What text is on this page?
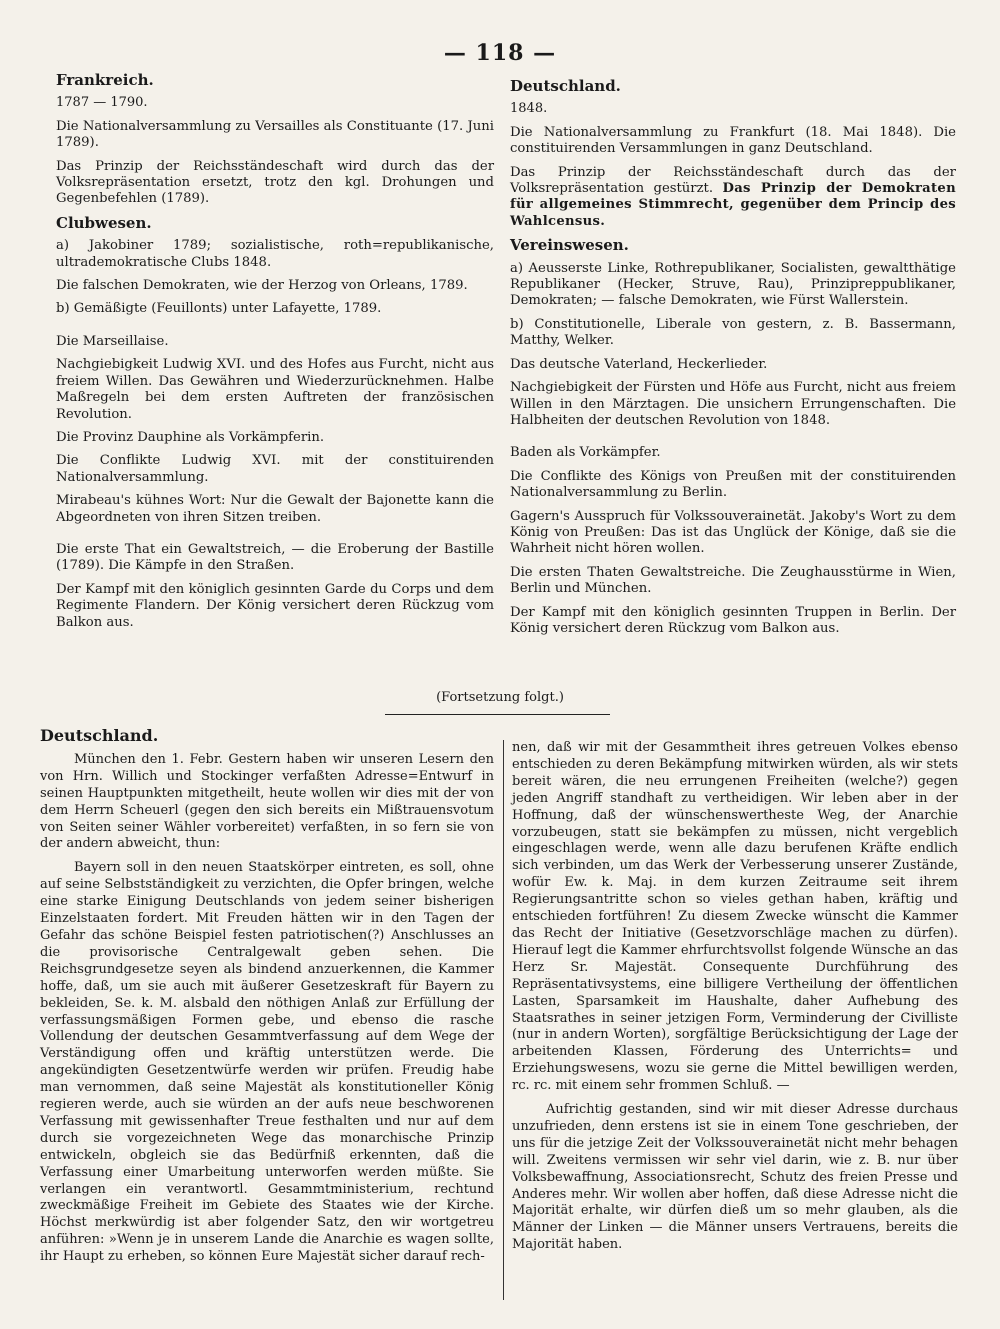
— 118 —

Frankreich.

1787 — 1790.

Die Nationalversammlung zu Versailles als Constituante (17. Juni 1789).

Das Prinzip der Reichsständeschaft wird durch das der Volksrepräsentation ersetzt, trotz den kgl. Drohungen und Gegenbefehlen (1789).

Clubwesen.

a) Jakobiner 1789; sozialistische, roth=republikanische, ultrademokratische Clubs 1848.

Die falschen Demokraten, wie der Herzog von Orleans, 1789.

b) Gemäßigte (Feuillonts) unter Lafayette, 1789.

Die Marseillaise.

Nachgiebigkeit Ludwig XVI. und des Hofes aus Furcht, nicht aus freiem Willen. Das Gewähren und Wiederzurücknehmen. Halbe Maßregeln bei dem ersten Auftreten der französischen Revolution.

Die Provinz Dauphine als Vorkämpferin.

Die Conflikte Ludwig XVI. mit der constituirenden Nationalversammlung.

Mirabeau's kühnes Wort: Nur die Gewalt der Bajonette kann die Abgeordneten von ihren Sitzen treiben.

Die erste That ein Gewaltstreich, — die Eroberung der Bastille (1789). Die Kämpfe in den Straßen.

Der Kampf mit den königlich gesinnten Garde du Corps und dem Regimente Flandern. Der König versichert deren Rückzug vom Balkon aus.

Deutschland.

1848.

Die Nationalversammlung zu Frankfurt (18. Mai 1848). Die constituirenden Versammlungen in ganz Deutschland.

Das Prinzip der Reichsständeschaft durch das der Volksrepräsentation gestürzt. Das Prinzip der Demokraten für allgemeines Stimmrecht, gegenüber dem Princip des Wahlcensus.

Vereinswesen.

a) Aeusserste Linke, Rothrepublikaner, Socialisten, gewaltthätige Republikaner (Hecker, Struve, Rau), Prinzipreppublikaner, Demokraten; — falsche Demokraten, wie Fürst Wallerstein.

b) Constitutionelle, Liberale von gestern, z. B. Bassermann, Matthy, Welker.

Das deutsche Vaterland, Heckerlieder.

Nachgiebigkeit der Fürsten und Höfe aus Furcht, nicht aus freiem Willen in den Märztagen. Die unsichern Errungenschaften. Die Halbheiten der deutschen Revolution von 1848.

Baden als Vorkämpfer.

Die Conflikte des Königs von Preußen mit der constituirenden Nationalversammlung zu Berlin.

Gagern's Ausspruch für Volkssouverainetät. Jakoby's Wort zu dem König von Preußen: Das ist das Unglück der Könige, daß sie die Wahrheit nicht hören wollen.

Die ersten Thaten Gewaltstreiche. Die Zeughausstürme in Wien, Berlin und München.

Der Kampf mit den königlich gesinnten Truppen in Berlin. Der König versichert deren Rückzug vom Balkon aus.

(Fortsetzung folgt.)

Deutschland.

München den 1. Febr. Gestern haben wir unseren Lesern den von Hrn. Willich und Stockinger verfaßten Adresse=Entwurf in seinen Hauptpunkten mitgetheilt, heute wollen wir dies mit der von dem Herrn Scheuerl (gegen den sich bereits ein Mißtrauensvotum von Seiten seiner Wähler vorbereitet) verfaßten, in so fern sie von der andern abweicht, thun:

Bayern soll in den neuen Staatskörper eintreten, es soll, ohne auf seine Selbstständigkeit zu verzichten, die Opfer bringen, welche eine starke Einigung Deutschlands von jedem seiner bisherigen Einzelstaaten fordert. Mit Freuden hätten wir in den Tagen der Gefahr das schöne Beispiel festen patriotischen(?) Anschlusses an die provisorische Centralgewalt geben sehen. Die Reichsgrundgesetze seyen als bindend anzuerkennen, die Kammer hoffe, daß, um sie auch mit äußerer Gesetzeskraft für Bayern zu bekleiden, Se. k. M. alsbald den nöthigen Anlaß zur Erfüllung der verfassungsmäßigen Formen gebe, und ebenso die rasche Vollendung der deutschen Gesammtverfassung auf dem Wege der Verständigung offen und kräftig unterstützen werde. Die angekündigten Gesetzentwürfe werden wir prüfen. Freudig habe man vernommen, daß seine Majestät als konstitutioneller König regieren werde, auch sie würden an der aufs neue beschworenen Verfassung mit gewissenhafter Treue festhalten und nur auf dem durch sie vorgezeichneten Wege das monarchische Prinzip entwickeln, obgleich sie das Bedürfniß erkennten, daß die Verfassung einer Umarbeitung unterworfen werden müßte. Sie verlangen ein verantwortl. Gesammtministerium, rechtund zweckmäßige Freiheit im Gebiete des Staates wie der Kirche. Höchst merkwürdig ist aber folgender Satz, den wir wortgetreu anführen: »Wenn je in unserem Lande die Anarchie es wagen sollte, ihr Haupt zu erheben, so können Eure Majestät sicher darauf rech-

nen, daß wir mit der Gesammtheit ihres getreuen Volkes ebenso entschieden zu deren Bekämpfung mitwirken würden, als wir stets bereit wären, die neu errungenen Freiheiten (welche?) gegen jeden Angriff standhaft zu vertheidigen. Wir leben aber in der Hoffnung, daß der wünschenswertheste Weg, der Anarchie vorzubeugen, statt sie bekämpfen zu müssen, nicht vergeblich eingeschlagen werde, wenn alle dazu berufenen Kräfte endlich sich verbinden, um das Werk der Verbesserung unserer Zustände, wofür Ew. k. Maj. in dem kurzen Zeitraume seit ihrem Regierungsantritte schon so vieles gethan haben, kräftig und entschieden fortführen! Zu diesem Zwecke wünscht die Kammer das Recht der Initiative (Gesetzvorschläge machen zu dürfen). Hierauf legt die Kammer ehrfurchtsvollst folgende Wünsche an das Herz Sr. Majestät. Consequente Durchführung des Repräsentativsystems, eine billigere Vertheilung der öffentlichen Lasten, Sparsamkeit im Haushalte, daher Aufhebung des Staatsrathes in seiner jetzigen Form, Verminderung der Civilliste (nur in andern Worten), sorgfältige Berücksichtigung der Lage der arbeitenden Klassen, Förderung des Unterrichts= und Erziehungswesens, wozu sie gerne die Mittel bewilligen werden, rc. rc. mit einem sehr frommen Schluß. —

Aufrichtig gestanden, sind wir mit dieser Adresse durchaus unzufrieden, denn erstens ist sie in einem Tone geschrieben, der uns für die jetzige Zeit der Volkssouverainetät nicht mehr behagen will. Zweitens vermissen wir sehr viel darin, wie z. B. nur über Volksbewaffnung, Associationsrecht, Schutz des freien Presse und Anderes mehr. Wir wollen aber hoffen, daß diese Adresse nicht die Majorität erhalte, wir dürfen dieß um so mehr glauben, als die Männer der Linken — die Männer unsers Vertrauens, bereits die Majorität haben.
